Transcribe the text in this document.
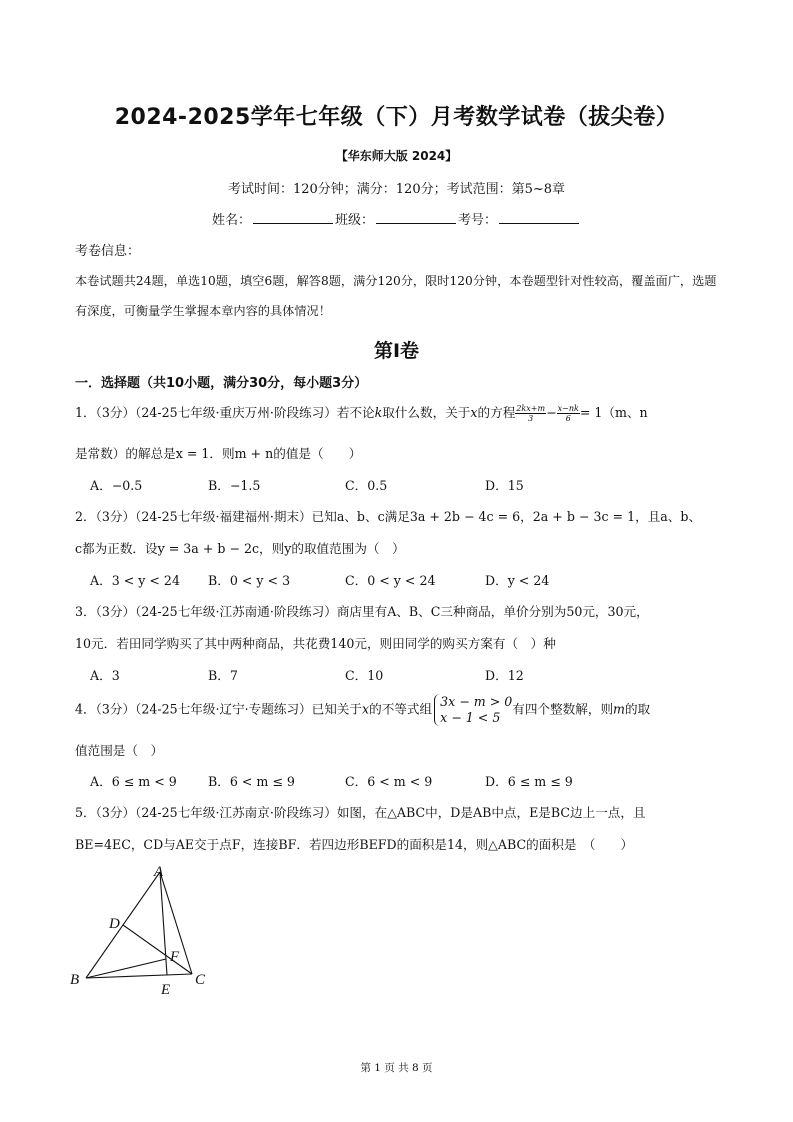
2024-2025学年七年级（下）月考数学试卷（拔尖卷）
【华东师大版 2024】
考试时间：120分钟；满分：120分；考试范围：第5~8章
姓名：	班级：	考号：
考卷信息：
本卷试题共24题，单选10题，填空6题，解答8题，满分120分，限时120分钟，本卷题型针对性较高，覆盖面广，选题有深度，可衡量学生掌握本章内容的具体情况！
第Ⅰ卷
一．选择题（共10小题，满分30分，每小题3分）
1．（3分）（24-25七年级·重庆万州·阶段练习）若不论k取什么数，关于x的方程 $\frac{2kx+m}{3} - \frac{x-nk}{6} = 1(m$、n
是常数）的解总是x = 1．则m + n的值是（　　）
A．−0.5	B．−1.5	C．0.5	D．15
2．（3分）（24-25七年级·福建福州·期末）已知a、b、c满足3a + 2b − 4c = 6，2a + b − 3c = 1，且a、b、
c都为正数．设y = 3a + b − 2c，则y的取值范围为（　）
A．3 < y < 24 B．0 < y < 3	C．0 < y < 24	D．y < 24
3．（3分）（24-25七年级·江苏南通·阶段练习）商店里有A、B、C三种商品，单价分别为50元，30元，
10元．若田同学购买了其中两种商品，共花费140元，则田同学的购买方案有（　）种
A．3	B．7	C．10	D．12
4．（3分）（24-25七年级·辽宁·专题练习）已知关于x的不等式组 3x − m > 0
x − 1 < 5
有四个整数解，则m的取
值范围是（　）
A．6 ≤ m < 9 B．6 < m ≤ 9	C．6 < m < 9	D．6 ≤ m ≤ 9
5．（3分）（24-25七年级·江苏南京·阶段练习）如图，在△ABC中，D是AB中点，E是BC边上一点，且
BE=4EC，CD与AE交于点F，连接BF．若四边形BEFD的面积是14，则△ABC的面积是　（　　）
A
B	C
D
E
F
第 1 页 共 8 页
